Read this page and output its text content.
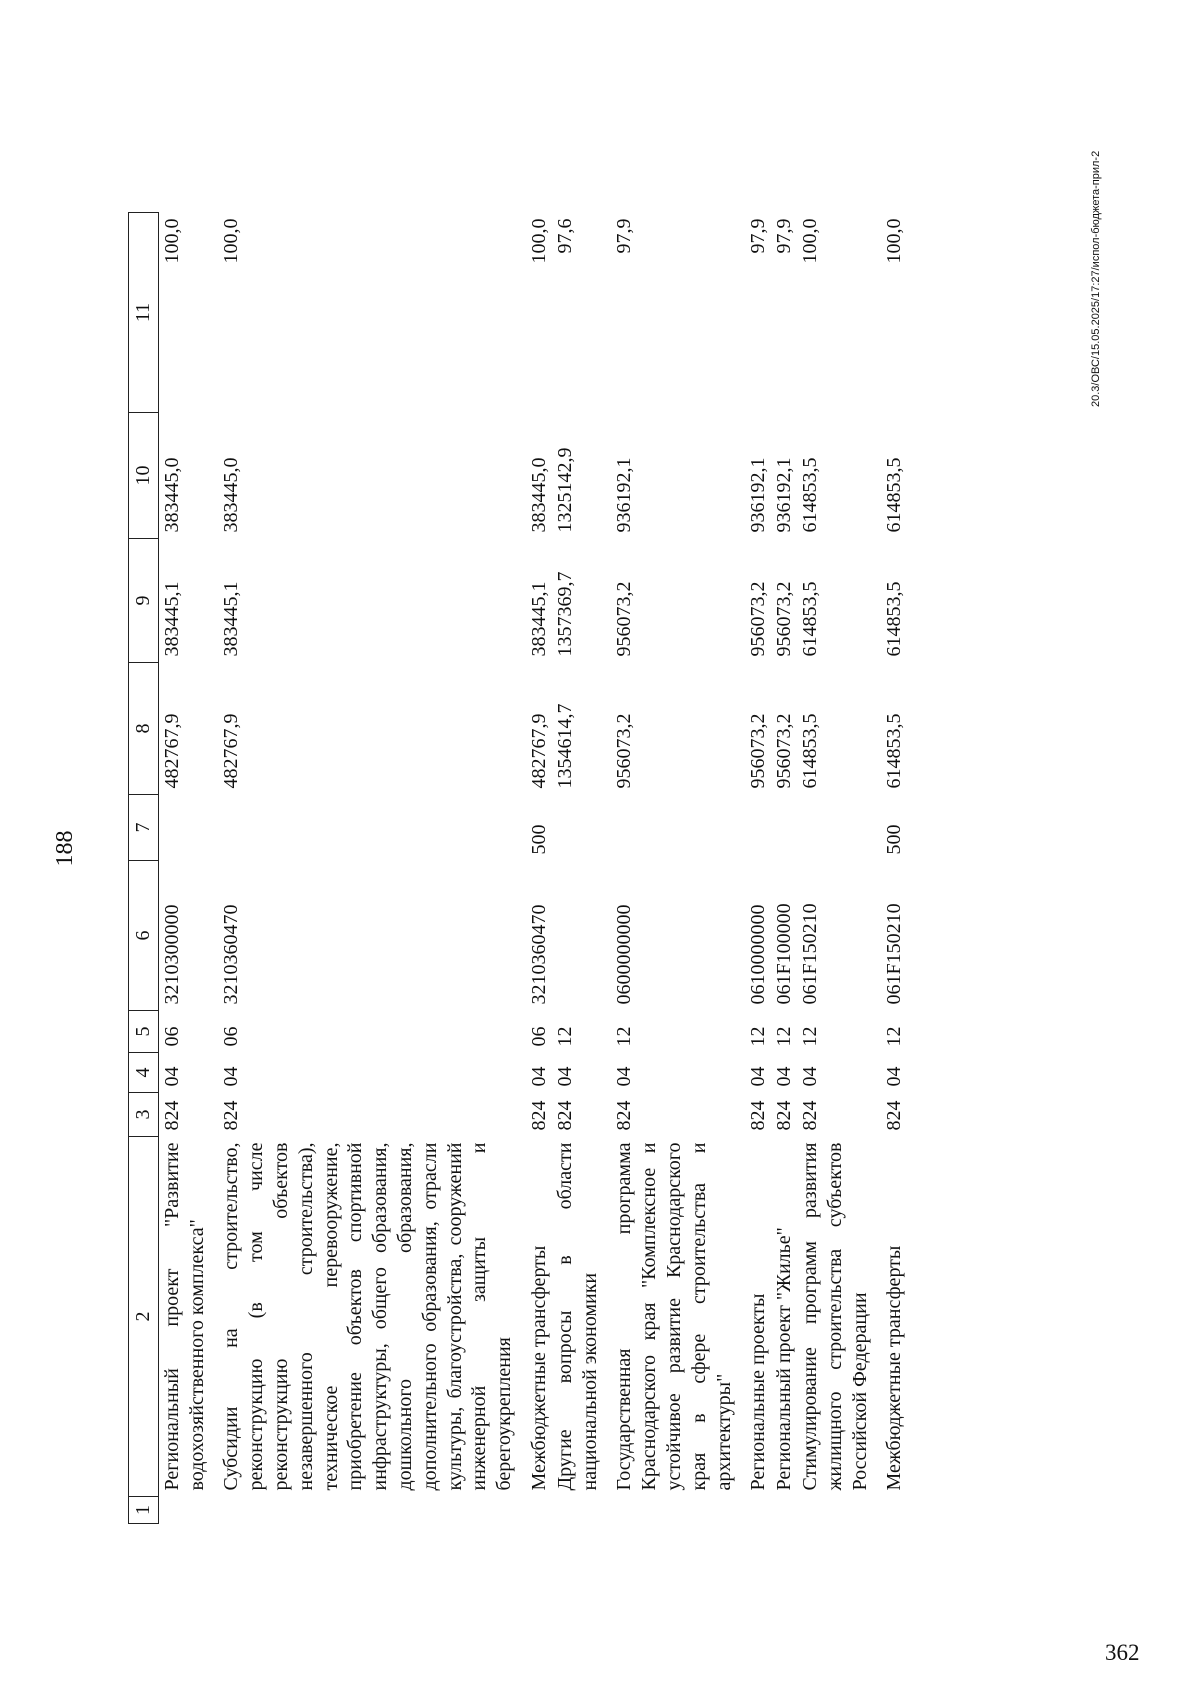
188
1	2	3	4	5	6	7	8	9	10	11
	Региональный проект "Развитие водохозяйственного комплекса"	824	04	06	3210300000		482767,9	383445,1	383445,0	100,0
	Субсидии на строительство, реконструкцию (в том числе реконструкцию объектов незавершенного строительства), техническое перевооружение, приобретение объектов спортивной инфраструктуры, общего образования, дошкольного образования, дополнительного образования, отрасли культуры, благоустройства, сооружений инженерной защиты и берегоукрепления	824	04	06	3210360470		482767,9	383445,1	383445,0	100,0
	Межбюджетные трансферты	824	04	06	3210360470	500	482767,9	383445,1	383445,0	100,0
	Другие вопросы в области национальной экономики	824	04	12			1354614,7	1357369,7	1325142,9	97,6
	Государственная программа Краснодарского края "Комплексное и устойчивое развитие Краснодарского края в сфере строительства и архитектуры"	824	04	12	0600000000		956073,2	956073,2	936192,1	97,9
	Региональные проекты	824	04	12	0610000000		956073,2	956073,2	936192,1	97,9
	Региональный проект "Жилье"	824	04	12	061F100000		956073,2	956073,2	936192,1	97,9
	Стимулирование программ развития жилищного строительства субъектов Российской Федерации	824	04	12	061F150210		614853,5	614853,5	614853,5	100,0
	Межбюджетные трансферты	824	04	12	061F150210	500	614853,5	614853,5	614853,5	100,0	20.3/ОВС/15.05.2025/17:27/испол-бюджета-прил-2
362
